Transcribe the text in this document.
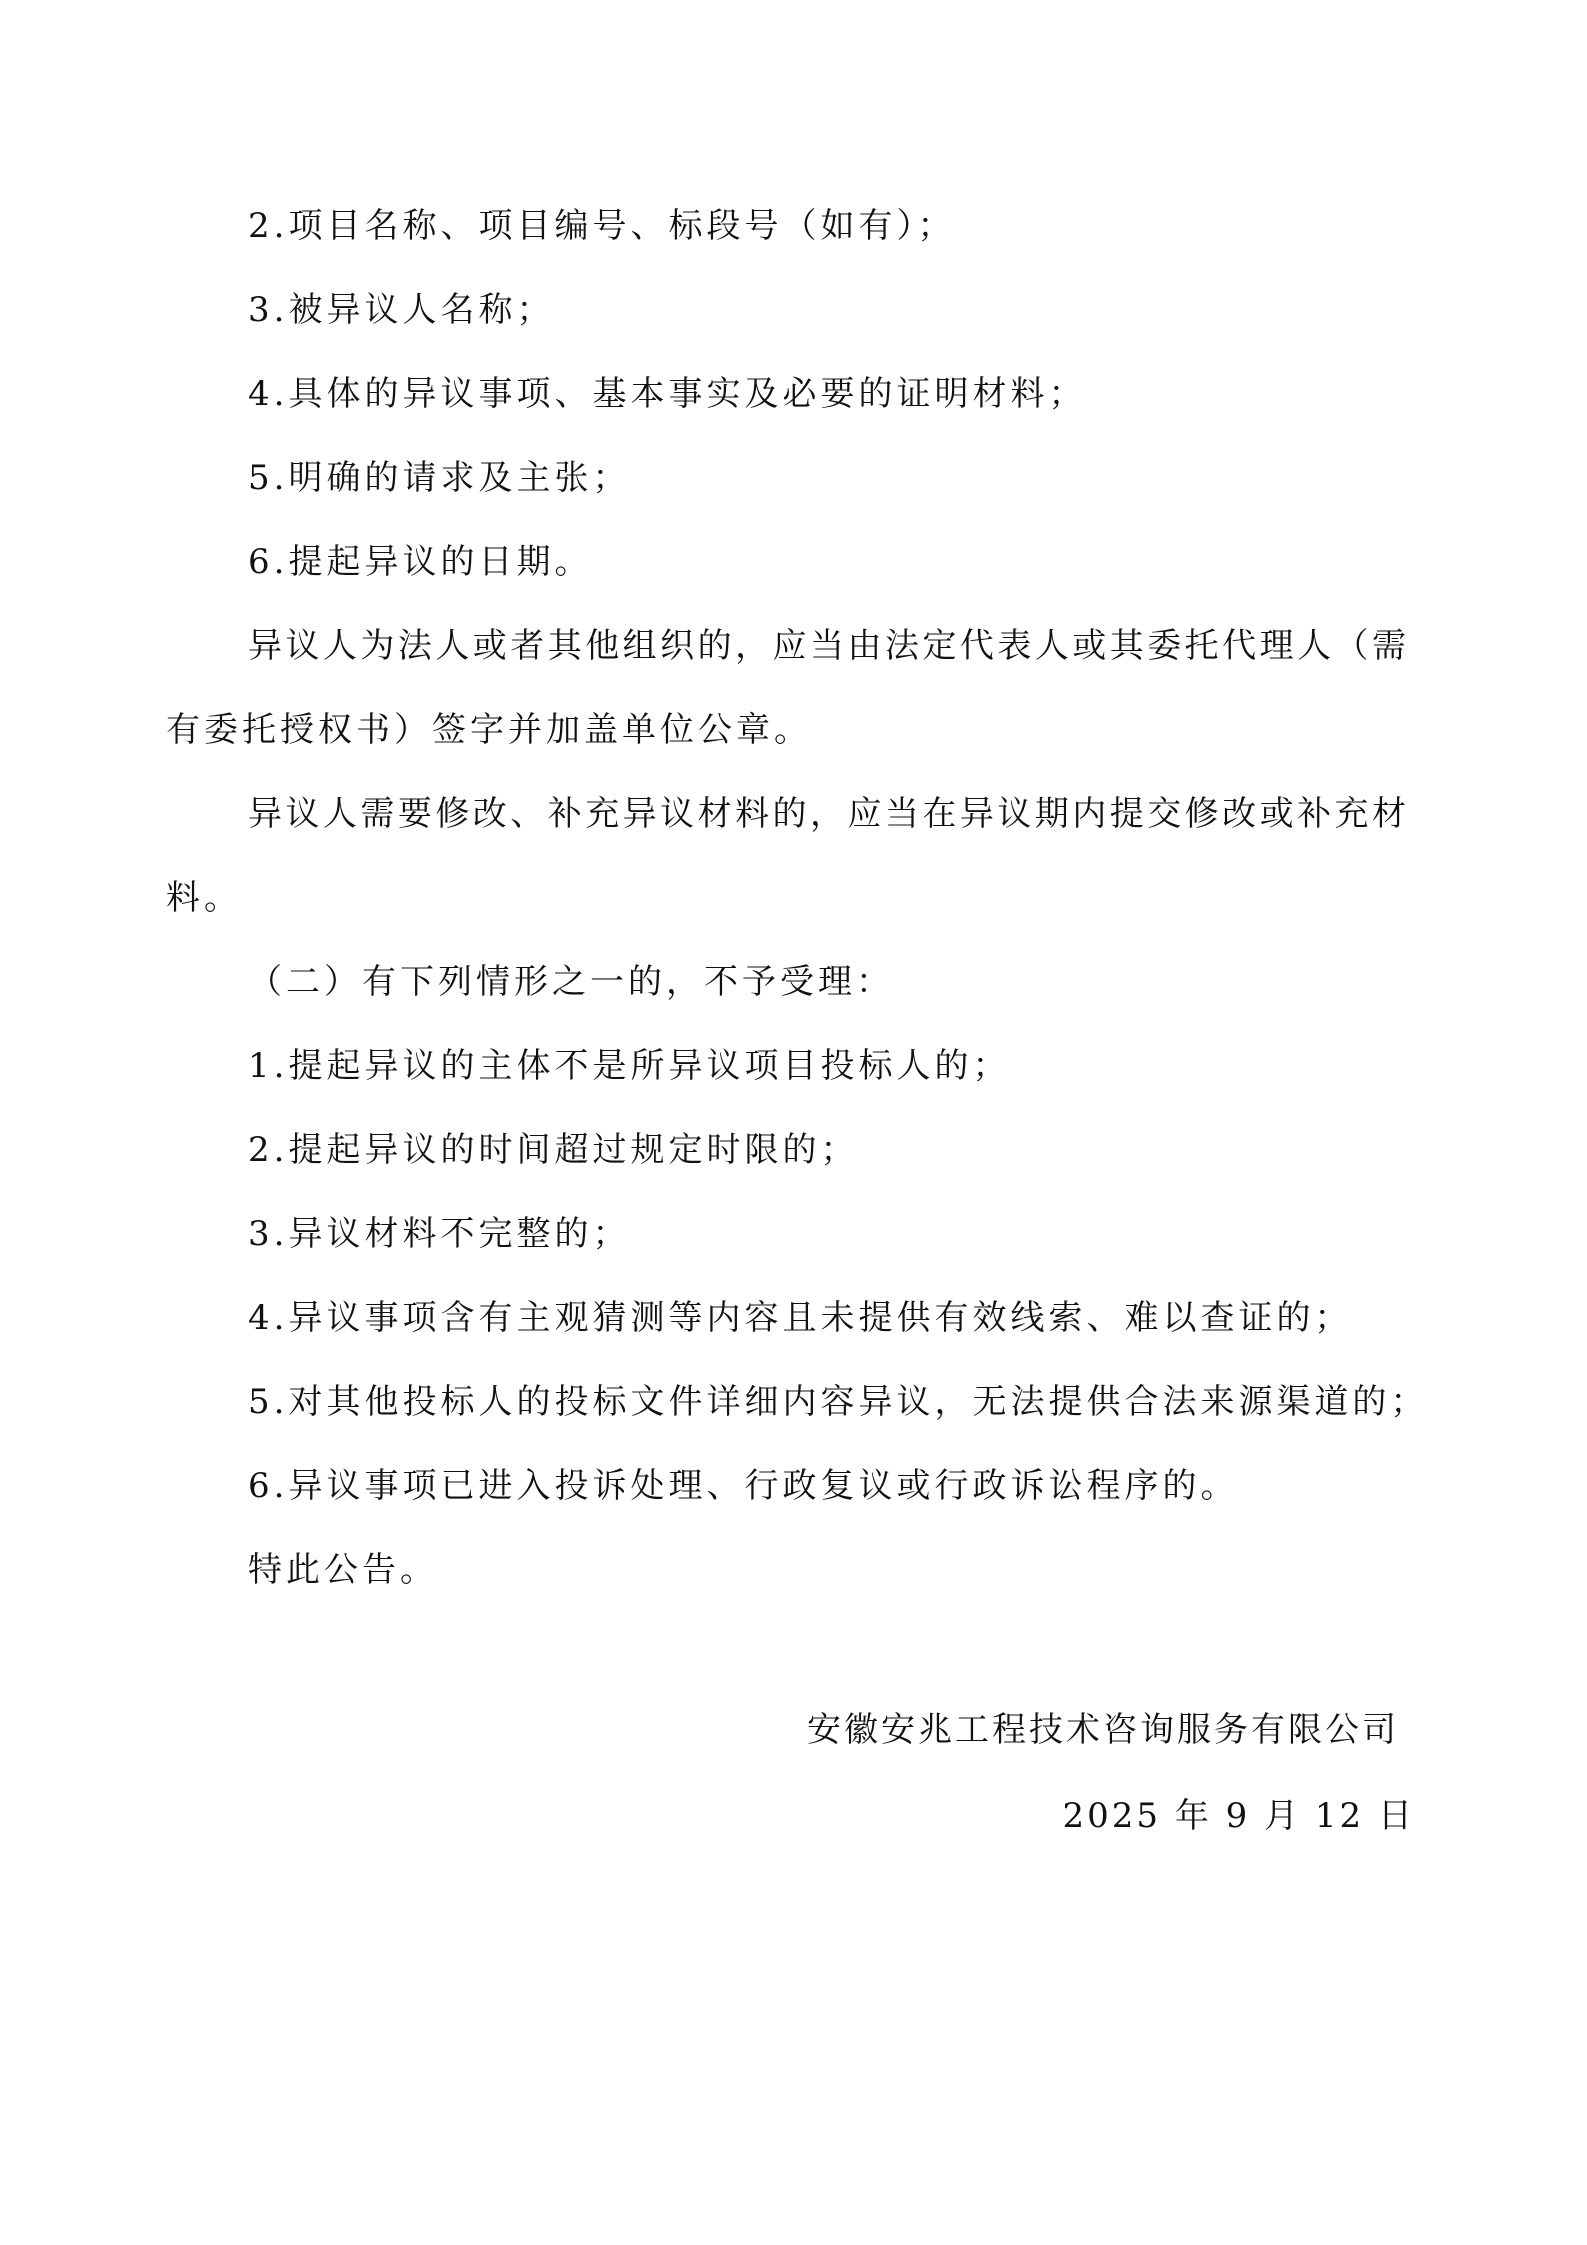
2.项目名称、项目编号、标段号（如有）；
3.被异议人名称；
4.具体的异议事项、基本事实及必要的证明材料；
5.明确的请求及主张；
6.提起异议的日期。
异议人为法人或者其他组织的，应当由法定代表人或其委托代理人（需
有委托授权书）签字并加盖单位公章。
异议人需要修改、补充异议材料的，应当在异议期内提交修改或补充材
料。
（二）有下列情形之一的，不予受理：
1.提起异议的主体不是所异议项目投标人的；
2.提起异议的时间超过规定时限的；
3.异议材料不完整的；
4.异议事项含有主观猜测等内容且未提供有效线索、难以查证的；
5.对其他投标人的投标文件详细内容异议，无法提供合法来源渠道的；
6.异议事项已进入投诉处理、行政复议或行政诉讼程序的。
特此公告。
安徽安兆工程技术咨询服务有限公司
2025 年 9 月 12 日
